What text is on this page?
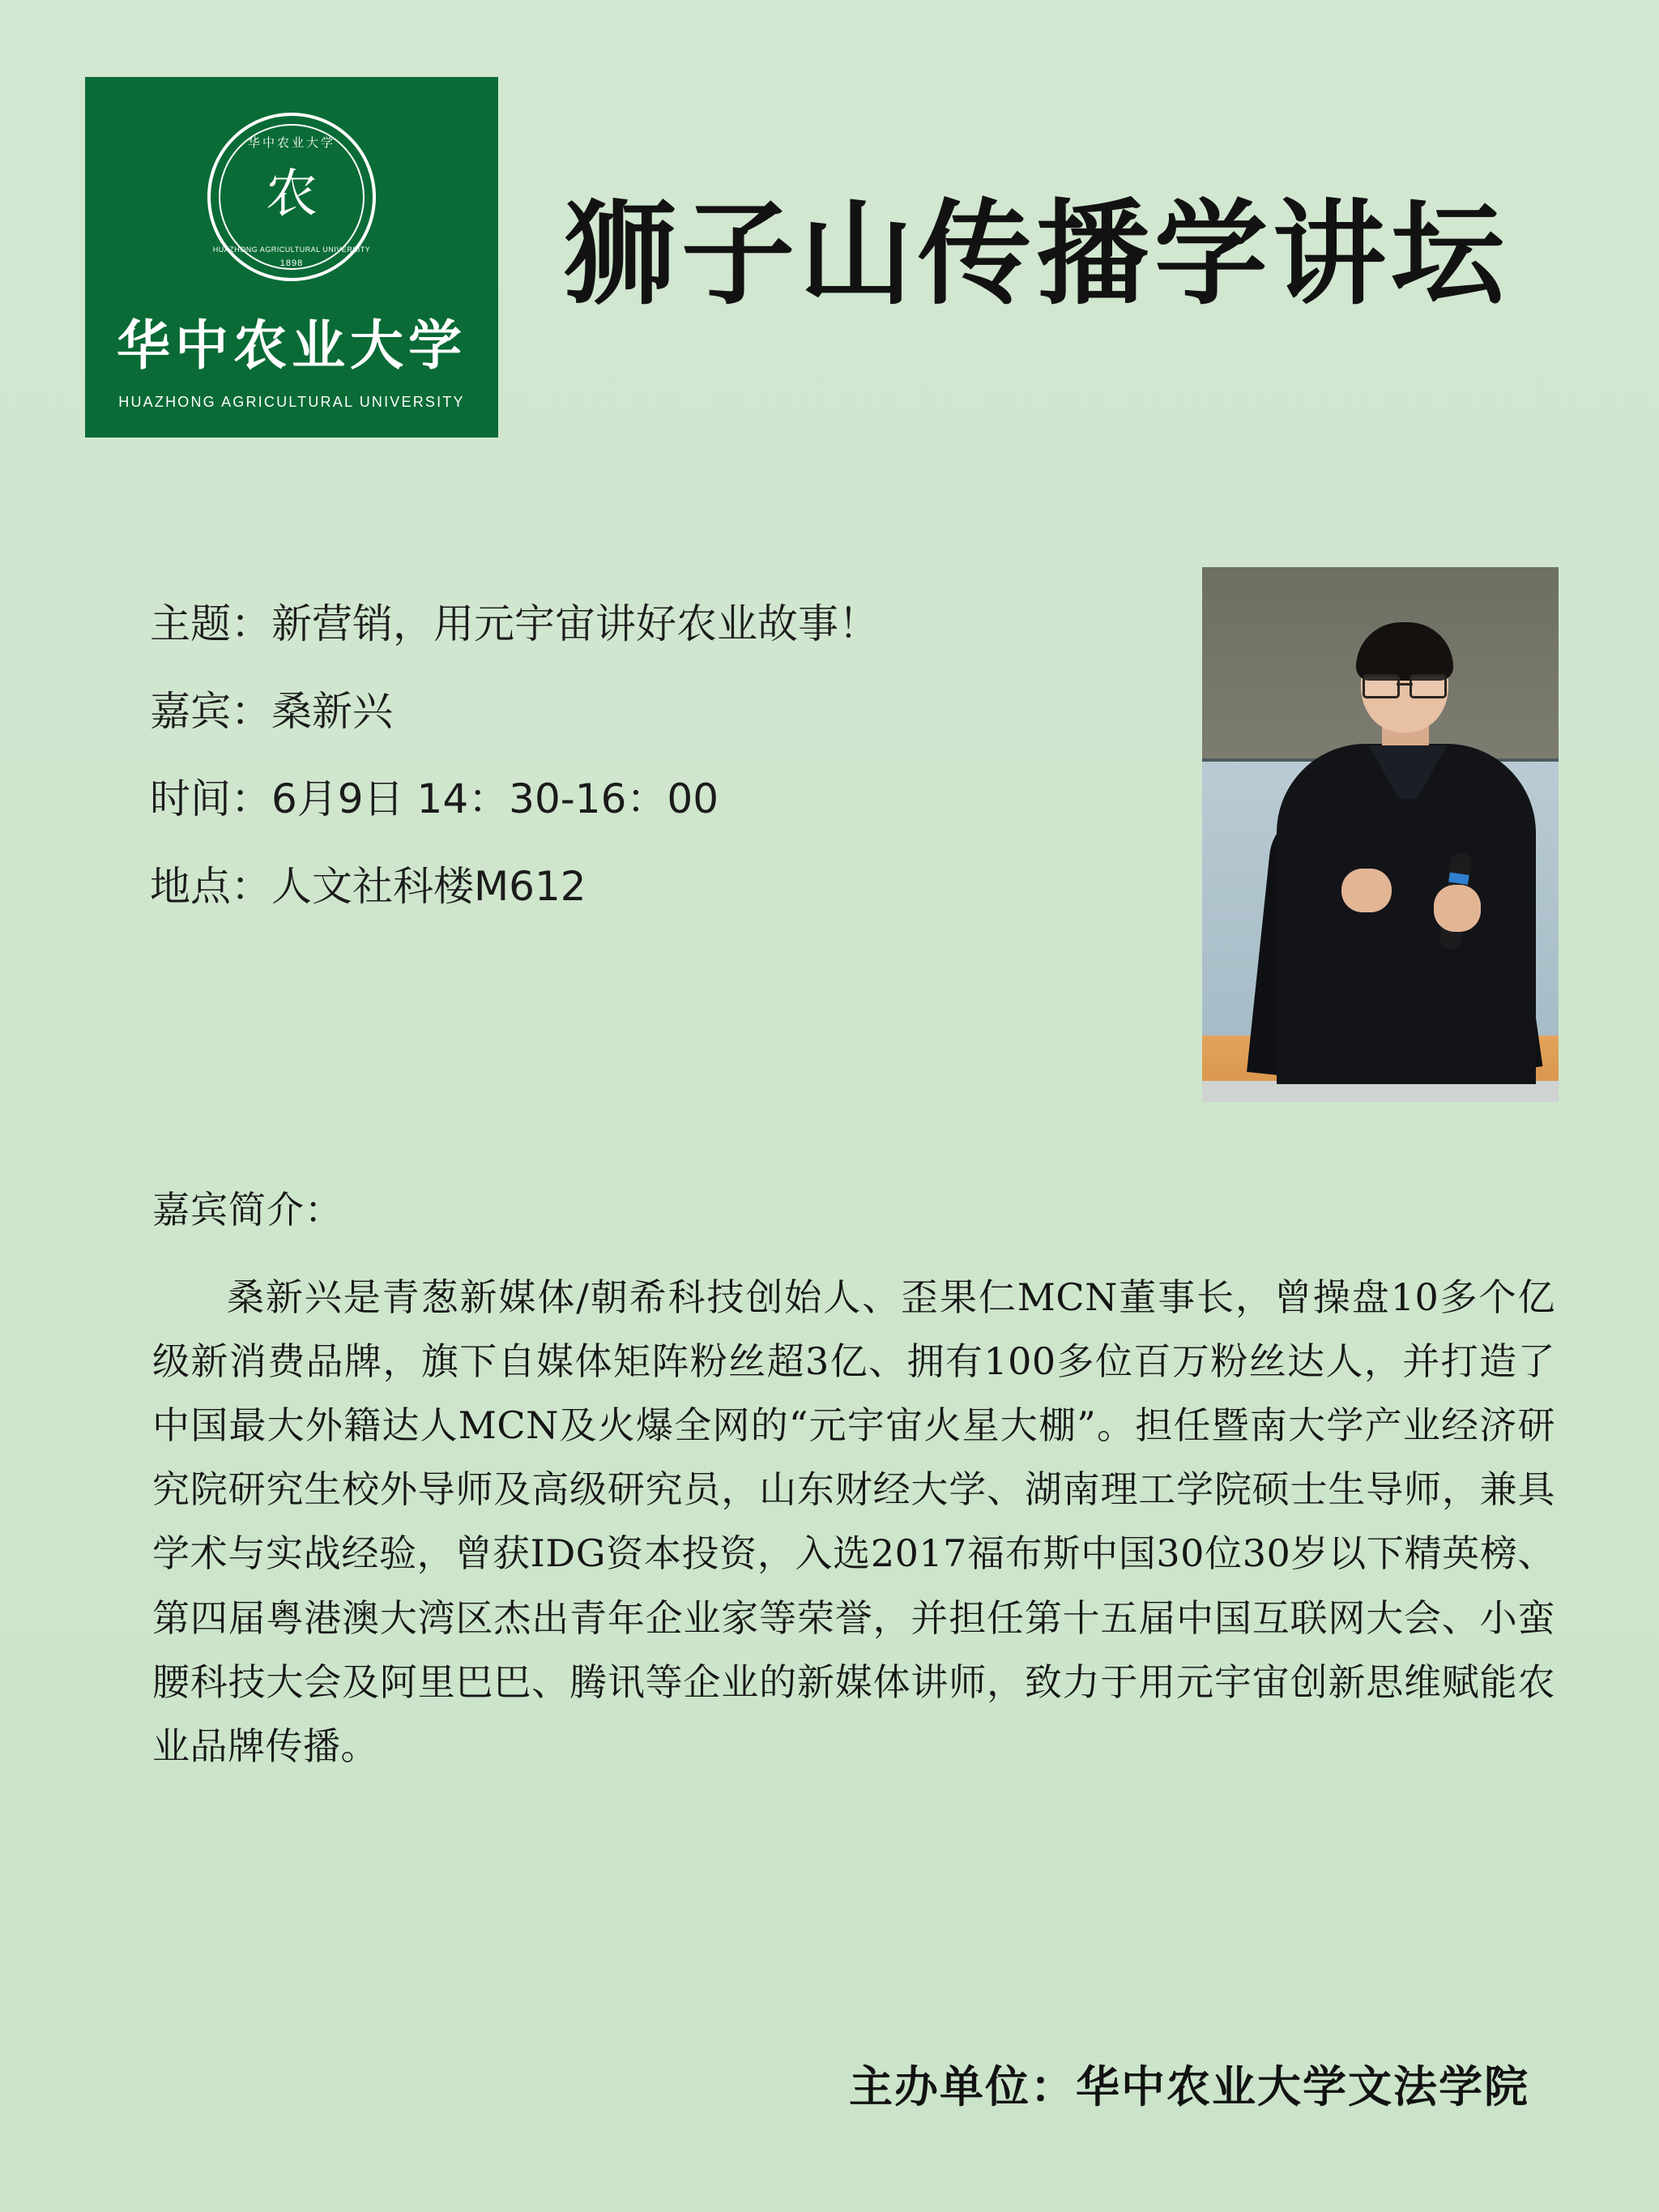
华中农业大学
农
HUAZHONG AGRICULTURAL UNIVERSITY
1898
华中农业大学
HUAZHONG AGRICULTURAL UNIVERSITY
狮子山传播学讲坛
主题：新营销，用元宇宙讲好农业故事！
嘉宾：桑新兴
时间：6月9日 14：30-16：00
地点：人文社科楼M612
嘉宾简介：
桑新兴是青葱新媒体/朝希科技创始人、歪果仁MCN董事长，曾操盘10多个亿级新消费品牌，旗下自媒体矩阵粉丝超3亿、拥有100多位百万粉丝达人，并打造了中国最大外籍达人MCN及火爆全网的“元宇宙火星大棚”。担任暨南大学产业经济研究院研究生校外导师及高级研究员，山东财经大学、湖南理工学院硕士生导师，兼具学术与实战经验，曾获IDG资本投资，入选2017福布斯中国30位30岁以下精英榜、第四届粤港澳大湾区杰出青年企业家等荣誉，并担任第十五届中国互联网大会、小蛮腰科技大会及阿里巴巴、腾讯等企业的新媒体讲师，致力于用元宇宙创新思维赋能农业品牌传播。
主办单位：华中农业大学文法学院
